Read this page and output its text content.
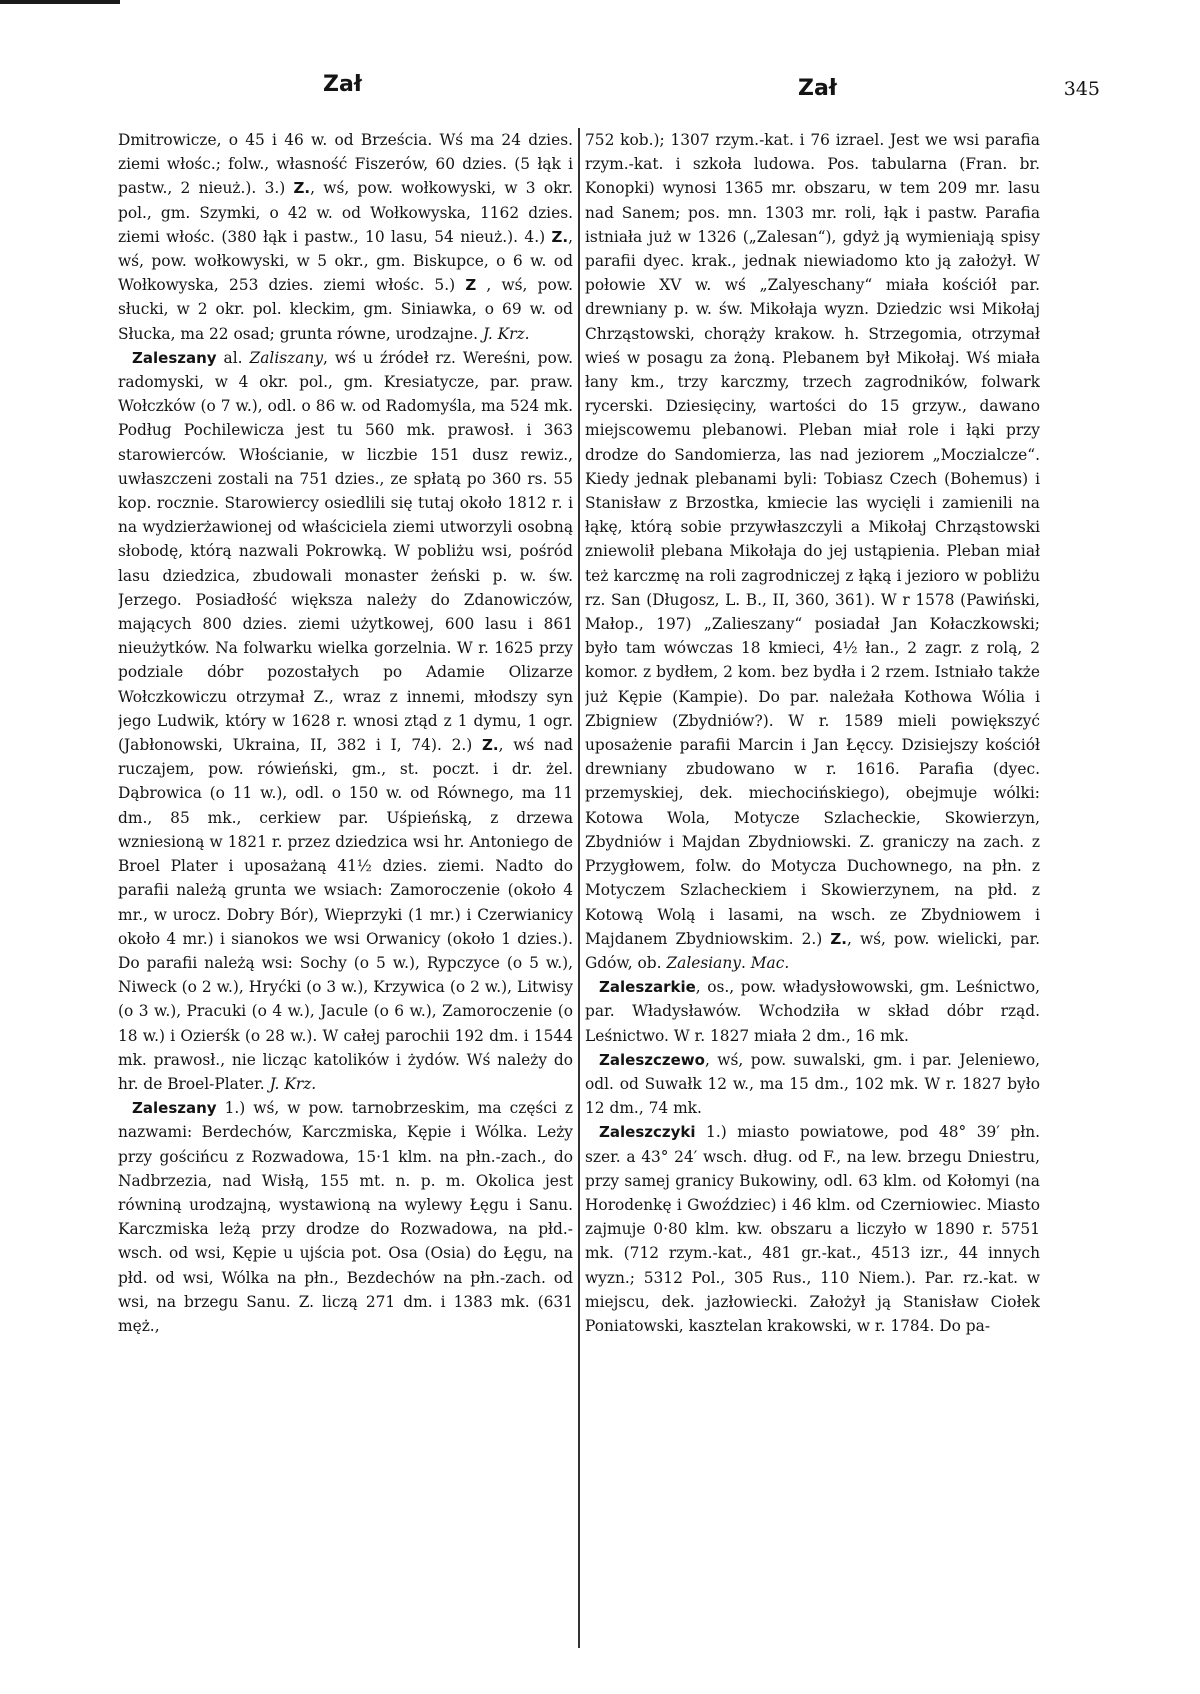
Zał	Zał	345

Dmitrowicze, o 45 i 46 w. od Brześcia. Wś ma 24 dzies. ziemi włośc.; folw., własność Fiszerów, 60 dzies. (5 łąk i pastw., 2 nieuż.). 3.) Z., wś, pow. wołkowyski, w 3 okr. pol., gm. Szymki, o 42 w. od Wołkowyska, 1162 dzies. ziemi włośc. (380 łąk i pastw., 10 lasu, 54 nieuż.). 4.) Z., wś, pow. wołkowyski, w 5 okr., gm. Biskupce, o 6 w. od Wołkowyska, 253 dzies. ziemi włośc. 5.) Z , wś, pow. słucki, w 2 okr. pol. kleckim, gm. Siniawka, o 69 w. od Słucka, ma 22 osad; grunta równe, urodzajne. J. Krz.

Zaleszany al. Zaliszany, wś u źródeł rz. Wereśni, pow. radomyski, w 4 okr. pol., gm. Kresiatycze, par. praw. Wołczków (o 7 w.), odl. o 86 w. od Radomyśla, ma 524 mk. Podług Pochilewicza jest tu 560 mk. prawosł. i 363 starowierców. Włościanie, w liczbie 151 dusz rewiz., uwłaszczeni zostali na 751 dzies., ze spłatą po 360 rs. 55 kop. rocznie. Starowiercy osiedlili się tutaj około 1812 r. i na wydzierżawionej od właściciela ziemi utworzyli osobną słobodę, którą nazwali Pokrowką. W pobliżu wsi, pośród lasu dziedzica, zbudowali monaster żeński p. w. św. Jerzego. Posiadłość większa należy do Zdanowiczów, mających 800 dzies. ziemi użytkowej, 600 lasu i 861 nieużytków. Na folwarku wielka gorzelnia. W r. 1625 przy podziale dóbr pozostałych po Adamie Olizarze Wołczkowiczu otrzymał Z., wraz z innemi, młodszy syn jego Ludwik, który w 1628 r. wnosi ztąd z 1 dymu, 1 ogr. (Jabłonowski, Ukraina, II, 382 i I, 74). 2.) Z., wś nad ruczajem, pow. rówieński, gm., st. poczt. i dr. żel. Dąbrowica (o 11 w.), odl. o 150 w. od Równego, ma 11 dm., 85 mk., cerkiew par. Uśpieńską, z drzewa wzniesioną w 1821 r. przez dziedzica wsi hr. Antoniego de Broel Plater i uposażaną 41½ dzies. ziemi. Nadto do parafii należą grunta we wsiach: Zamoroczenie (około 4 mr., w urocz. Dobry Bór), Wieprzyki (1 mr.) i Czerwianicy około 4 mr.) i sianokos we wsi Orwanicy (około 1 dzies.). Do parafii należą wsi: Sochy (o 5 w.), Rypczyce (o 5 w.), Niweck (o 2 w.), Hryćki (o 3 w.), Krzywica (o 2 w.), Litwisy (o 3 w.), Pracuki (o 4 w.), Jacule (o 6 w.), Zamoroczenie (o 18 w.) i Ozierśk (o 28 w.). W całej parochii 192 dm. i 1544 mk. prawosł., nie licząc katolików i żydów. Wś należy do hr. de Broel-Plater. J. Krz.

Zaleszany 1.) wś, w pow. tarnobrzeskim, ma części z nazwami: Berdechów, Karczmiska, Kępie i Wólka. Leży przy gościńcu z Rozwadowa, 15·1 klm. na płn.-zach., do Nadbrzezia, nad Wisłą, 155 mt. n. p. m. Okolica jest równiną urodzajną, wystawioną na wylewy Łęgu i Sanu. Karczmiska leżą przy drodze do Rozwadowa, na płd.-wsch. od wsi, Kępie u ujścia pot. Osa (Osia) do Łęgu, na płd. od wsi, Wólka na płn., Bezdechów na płn.-zach. od wsi, na brzegu Sanu. Z. liczą 271 dm. i 1383 mk. (631 męż.,

752 kob.); 1307 rzym.-kat. i 76 izrael. Jest we wsi parafia rzym.-kat. i szkoła ludowa. Pos. tabularna (Fran. br. Konopki) wynosi 1365 mr. obszaru, w tem 209 mr. lasu nad Sanem; pos. mn. 1303 mr. roli, łąk i pastw. Parafia istniała już w 1326 („Zalesan“), gdyż ją wymieniają spisy parafii dyec. krak., jednak niewiadomo kto ją założył. W połowie XV w. wś „Zalyeschany“ miała kościół par. drewniany p. w. św. Mikołaja wyzn. Dziedzic wsi Mikołaj Chrząstowski, chorąży krakow. h. Strzegomia, otrzymał wieś w posagu za żoną. Plebanem był Mikołaj. Wś miała łany km., trzy karczmy, trzech zagrodników, folwark rycerski. Dziesięciny, wartości do 15 grzyw., dawano miejscowemu plebanowi. Pleban miał role i łąki przy drodze do Sandomierza, las nad jeziorem „Moczialcze“. Kiedy jednak plebanami byli: Tobiasz Czech (Bohemus) i Stanisław z Brzostka, kmiecie las wycięli i zamienili na łąkę, którą sobie przywłaszczyli a Mikołaj Chrząstowski zniewolił plebana Mikołaja do jej ustąpienia. Pleban miał też karczmę na roli zagrodniczej z łąką i jezioro w pobliżu rz. San (Długosz, L. B., II, 360, 361). W r 1578 (Pawiński, Małop., 197) „Zalieszany“ posiadał Jan Kołaczkowski; było tam wówczas 18 kmieci, 4½ łan., 2 zagr. z rolą, 2 komor. z bydłem, 2 kom. bez bydła i 2 rzem. Istniało także już Kępie (Kampie). Do par. należała Kothowa Wólia i Zbigniew (Zbydniów?). W r. 1589 mieli powiększyć uposażenie parafii Marcin i Jan Łęccy. Dzisiejszy kościół drewniany zbudowano w r. 1616. Parafia (dyec. przemyskiej, dek. miechocińskiego), obejmuje wólki: Kotowa Wola, Motycze Szlacheckie, Skowierzyn, Zbydniów i Majdan Zbydniowski. Z. graniczy na zach. z Przygłowem, folw. do Motycza Duchownego, na płn. z Motyczem Szlacheckiem i Skowierzynem, na płd. z Kotową Wolą i lasami, na wsch. ze Zbydniowem i Majdanem Zbydniowskim. 2.) Z., wś, pow. wielicki, par. Gdów, ob. Zalesiany. Mac.

Zaleszarkie, os., pow. władysłowowski, gm. Leśnictwo, par. Władysławów. Wchodziła w skład dóbr rząd. Leśnictwo. W r. 1827 miała 2 dm., 16 mk.

Zaleszczewo, wś, pow. suwalski, gm. i par. Jeleniewo, odl. od Suwałk 12 w., ma 15 dm., 102 mk. W r. 1827 było 12 dm., 74 mk.

Zaleszczyki 1.) miasto powiatowe, pod 48° 39′ płn. szer. a 43° 24′ wsch. dług. od F., na lew. brzegu Dniestru, przy samej granicy Bukowiny, odl. 63 klm. od Kołomyi (na Horodenkę i Gwoździec) i 46 klm. od Czerniowiec. Miasto zajmuje 0·80 klm. kw. obszaru a liczyło w 1890 r. 5751 mk. (712 rzym.-kat., 481 gr.-kat., 4513 izr., 44 innych wyzn.; 5312 Pol., 305 Rus., 110 Niem.). Par. rz.-kat. w miejscu, dek. jazłowiecki. Założył ją Stanisław Ciołek Poniatowski, kasztelan krakowski, w r. 1784. Do pa-
